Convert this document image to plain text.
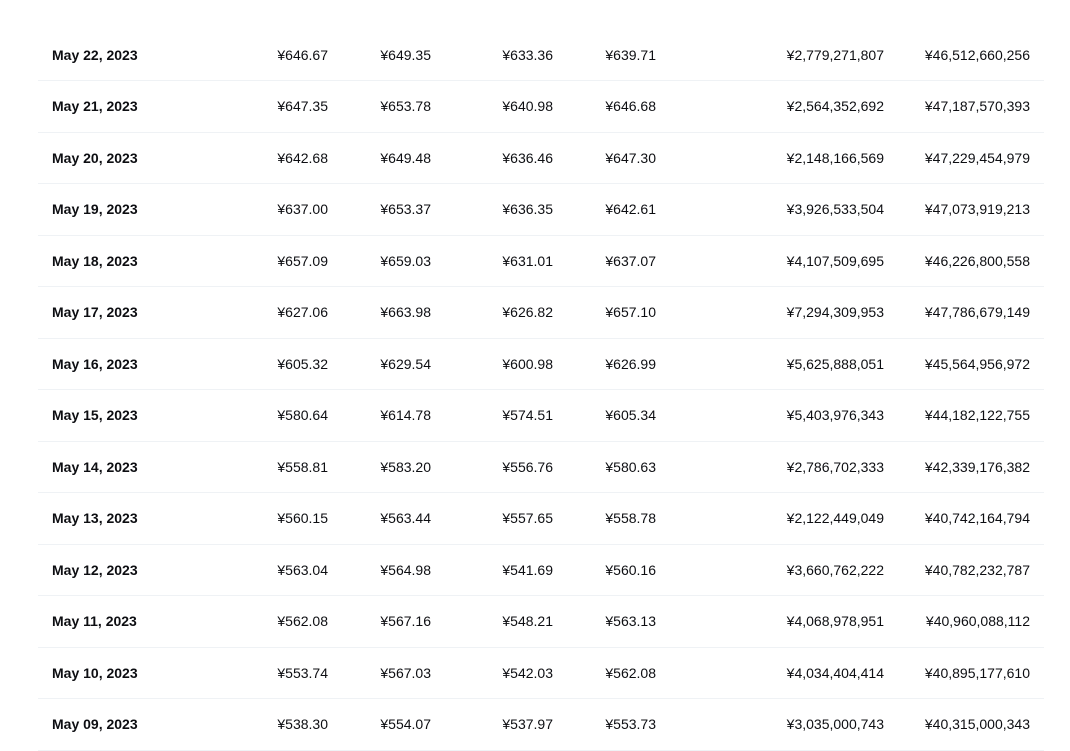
May 22, 2023	¥646.67	¥649.35	¥633.36	¥639.71	¥2,779,271,807	¥46,512,660,256
May 21, 2023	¥647.35	¥653.78	¥640.98	¥646.68	¥2,564,352,692	¥47,187,570,393
May 20, 2023	¥642.68	¥649.48	¥636.46	¥647.30	¥2,148,166,569	¥47,229,454,979
May 19, 2023	¥637.00	¥653.37	¥636.35	¥642.61	¥3,926,533,504	¥47,073,919,213
May 18, 2023	¥657.09	¥659.03	¥631.01	¥637.07	¥4,107,509,695	¥46,226,800,558
May 17, 2023	¥627.06	¥663.98	¥626.82	¥657.10	¥7,294,309,953	¥47,786,679,149
May 16, 2023	¥605.32	¥629.54	¥600.98	¥626.99	¥5,625,888,051	¥45,564,956,972
May 15, 2023	¥580.64	¥614.78	¥574.51	¥605.34	¥5,403,976,343	¥44,182,122,755
May 14, 2023	¥558.81	¥583.20	¥556.76	¥580.63	¥2,786,702,333	¥42,339,176,382
May 13, 2023	¥560.15	¥563.44	¥557.65	¥558.78	¥2,122,449,049	¥40,742,164,794
May 12, 2023	¥563.04	¥564.98	¥541.69	¥560.16	¥3,660,762,222	¥40,782,232,787
May 11, 2023	¥562.08	¥567.16	¥548.21	¥563.13	¥4,068,978,951	¥40,960,088,112
May 10, 2023	¥553.74	¥567.03	¥542.03	¥562.08	¥4,034,404,414	¥40,895,177,610
May 09, 2023	¥538.30	¥554.07	¥537.97	¥553.73	¥3,035,000,743	¥40,315,000,343
